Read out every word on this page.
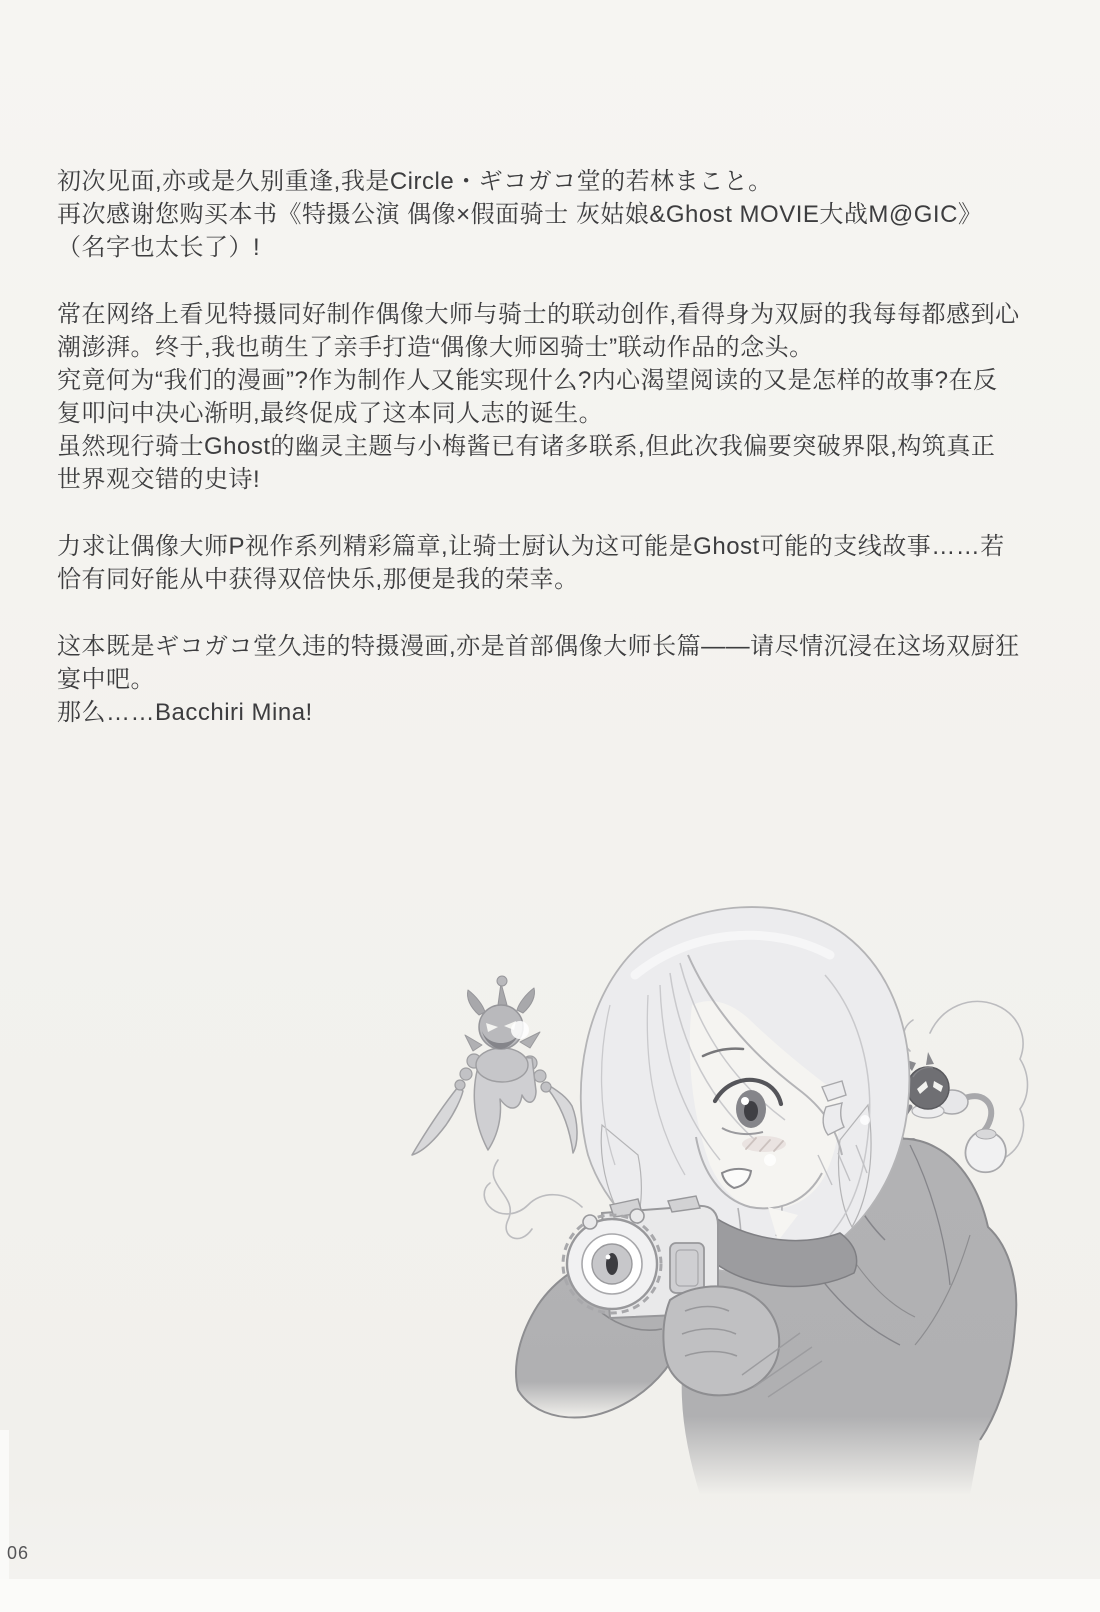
初次见面,亦或是久别重逢,我是Circle・ギコガコ堂的若林まこと。
再次感谢您购买本书《特摄公演 偶像×假面骑士 灰姑娘&Ghost MOVIE大战M@GIC》
（名字也太长了）!
常在网络上看见特摄同好制作偶像大师与骑士的联动创作,看得身为双厨的我每每都感到心
潮澎湃。终于,我也萌生了亲手打造“偶像大师☒骑士”联动作品的念头。
究竟何为“我们的漫画”?作为制作人又能实现什么?内心渴望阅读的又是怎样的故事?在反
复叩问中决心渐明,最终促成了这本同人志的诞生。
虽然现行骑士Ghost的幽灵主题与小梅酱已有诸多联系,但此次我偏要突破界限,构筑真正
世界观交错的史诗!
力求让偶像大师P视作系列精彩篇章,让骑士厨认为这可能是Ghost可能的支线故事……若
恰有同好能从中获得双倍快乐,那便是我的荣幸。
这本既是ギコガコ堂久违的特摄漫画,亦是首部偶像大师长篇——请尽情沉浸在这场双厨狂
宴中吧。
那么……Bacchiri Mina!
06
